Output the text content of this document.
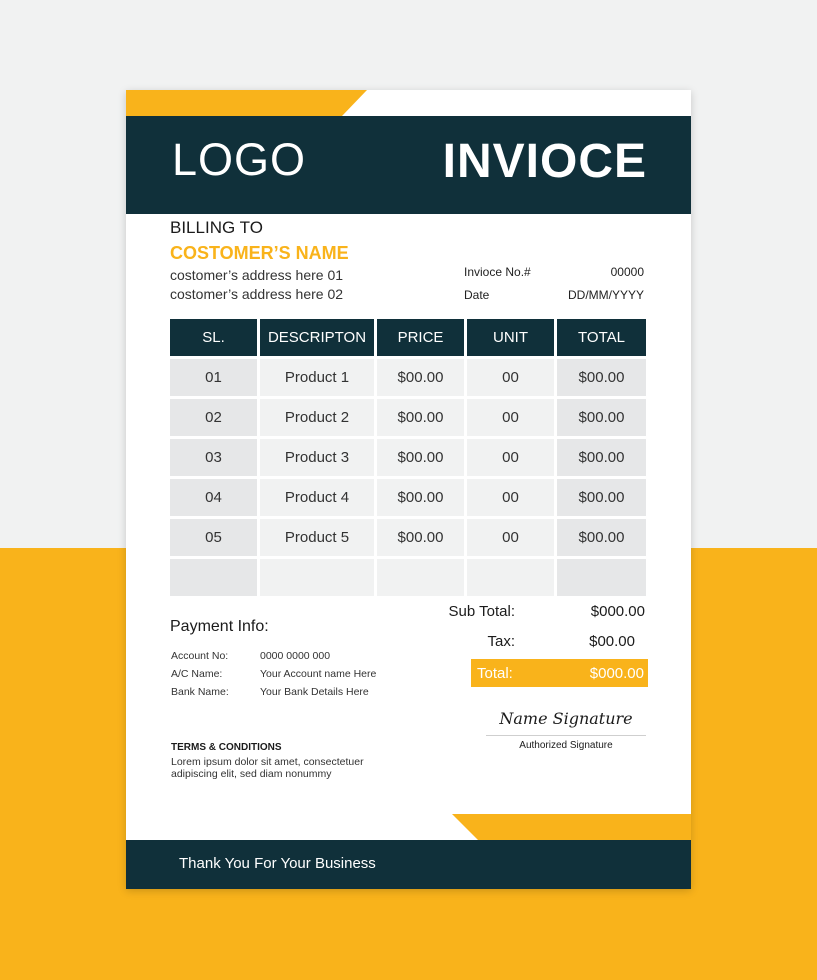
LOGO	INVIOCE
BILLING TO
COSTOMER’S NAME
costomer’s address here 01
costomer’s address here 02
Invioce No.#	00000
Date	DD/MM/YYYY
SL.	DESCRIPTON	PRICE	UNIT	TOTAL
01	Product 1	$00.00	00	$00.00
02	Product 2	$00.00	00	$00.00
03	Product 3	$00.00	00	$00.00
04	Product 4	$00.00	00	$00.00
05	Product 5	$00.00	00	$00.00
Sub Total:	$000.00
Tax:	$00.00
Total:	$000.00
Payment Info:
Account No:	0000 0000 000
A/C Name:	Your Account name Here
Bank Name:	Your Bank Details Here
Name Signature
Authorized Signature
TERMS & CONDITIONS
Lorem ipsum dolor sit amet, consectetuer adipiscing elit, sed diam nonummy
Thank You For Your Business
